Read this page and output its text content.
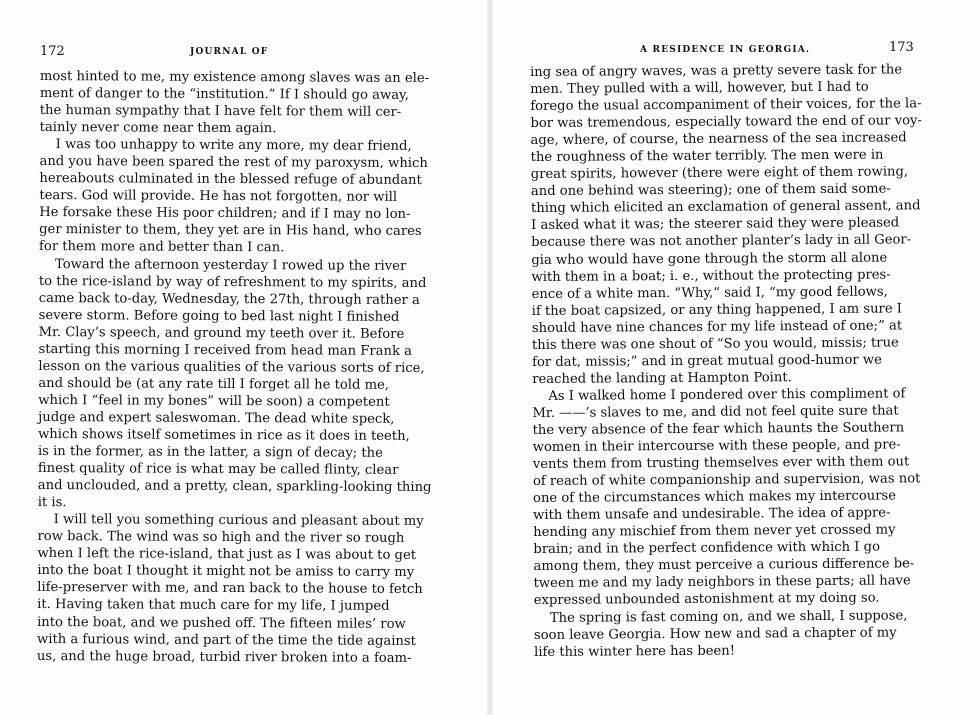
172	JOURNAL OF
most hinted to me, my existence among slaves was an ele-
ment of danger to the “institution.” If I should go away,
the human sympathy that I have felt for them will cer-
tainly never come near them again.
I was too unhappy to write any more, my dear friend,
and you have been spared the rest of my paroxysm, which
hereabouts culminated in the blessed refuge of abundant
tears. God will provide. He has not forgotten, nor will
He forsake these His poor children; and if I may no lon-
ger minister to them, they yet are in His hand, who cares
for them more and better than I can.
Toward the afternoon yesterday I rowed up the river
to the rice-island by way of refreshment to my spirits, and
came back to-day, Wednesday, the 27th, through rather a
severe storm. Before going to bed last night I finished
Mr. Clay’s speech, and ground my teeth over it. Before
starting this morning I received from head man Frank a
lesson on the various qualities of the various sorts of rice,
and should be (at any rate till I forget all he told me,
which I “feel in my bones” will be soon) a competent
judge and expert saleswoman. The dead white speck,
which shows itself sometimes in rice as it does in teeth,
is in the former, as in the latter, a sign of decay; the
finest quality of rice is what may be called flinty, clear
and unclouded, and a pretty, clean, sparkling-looking thing
it is.
I will tell you something curious and pleasant about my
row back. The wind was so high and the river so rough
when I left the rice-island, that just as I was about to get
into the boat I thought it might not be amiss to carry my
life-preserver with me, and ran back to the house to fetch
it. Having taken that much care for my life, I jumped
into the boat, and we pushed off. The fifteen miles’ row
with a furious wind, and part of the time the tide against
us, and the huge broad, turbid river broken into a foam-
A RESIDENCE IN GEORGIA.	173
ing sea of angry waves, was a pretty severe task for the
men. They pulled with a will, however, but I had to
forego the usual accompaniment of their voices, for the la-
bor was tremendous, especially toward the end of our voy-
age, where, of course, the nearness of the sea increased
the roughness of the water terribly. The men were in
great spirits, however (there were eight of them rowing,
and one behind was steering); one of them said some-
thing which elicited an exclamation of general assent, and
I asked what it was; the steerer said they were pleased
because there was not another planter’s lady in all Geor-
gia who would have gone through the storm all alone
with them in a boat; i. e., without the protecting pres-
ence of a white man. “Why,” said I, “my good fellows,
if the boat capsized, or any thing happened, I am sure I
should have nine chances for my life instead of one;” at
this there was one shout of “So you would, missis; true
for dat, missis;” and in great mutual good-humor we
reached the landing at Hampton Point.
As I walked home I pondered over this compliment of
Mr. ——’s slaves to me, and did not feel quite sure that
the very absence of the fear which haunts the Southern
women in their intercourse with these people, and pre-
vents them from trusting themselves ever with them out
of reach of white companionship and supervision, was not
one of the circumstances which makes my intercourse
with them unsafe and undesirable. The idea of appre-
hending any mischief from them never yet crossed my
brain; and in the perfect confidence with which I go
among them, they must perceive a curious difference be-
tween me and my lady neighbors in these parts; all have
expressed unbounded astonishment at my doing so.
The spring is fast coming on, and we shall, I suppose,
soon leave Georgia. How new and sad a chapter of my
life this winter here has been!
